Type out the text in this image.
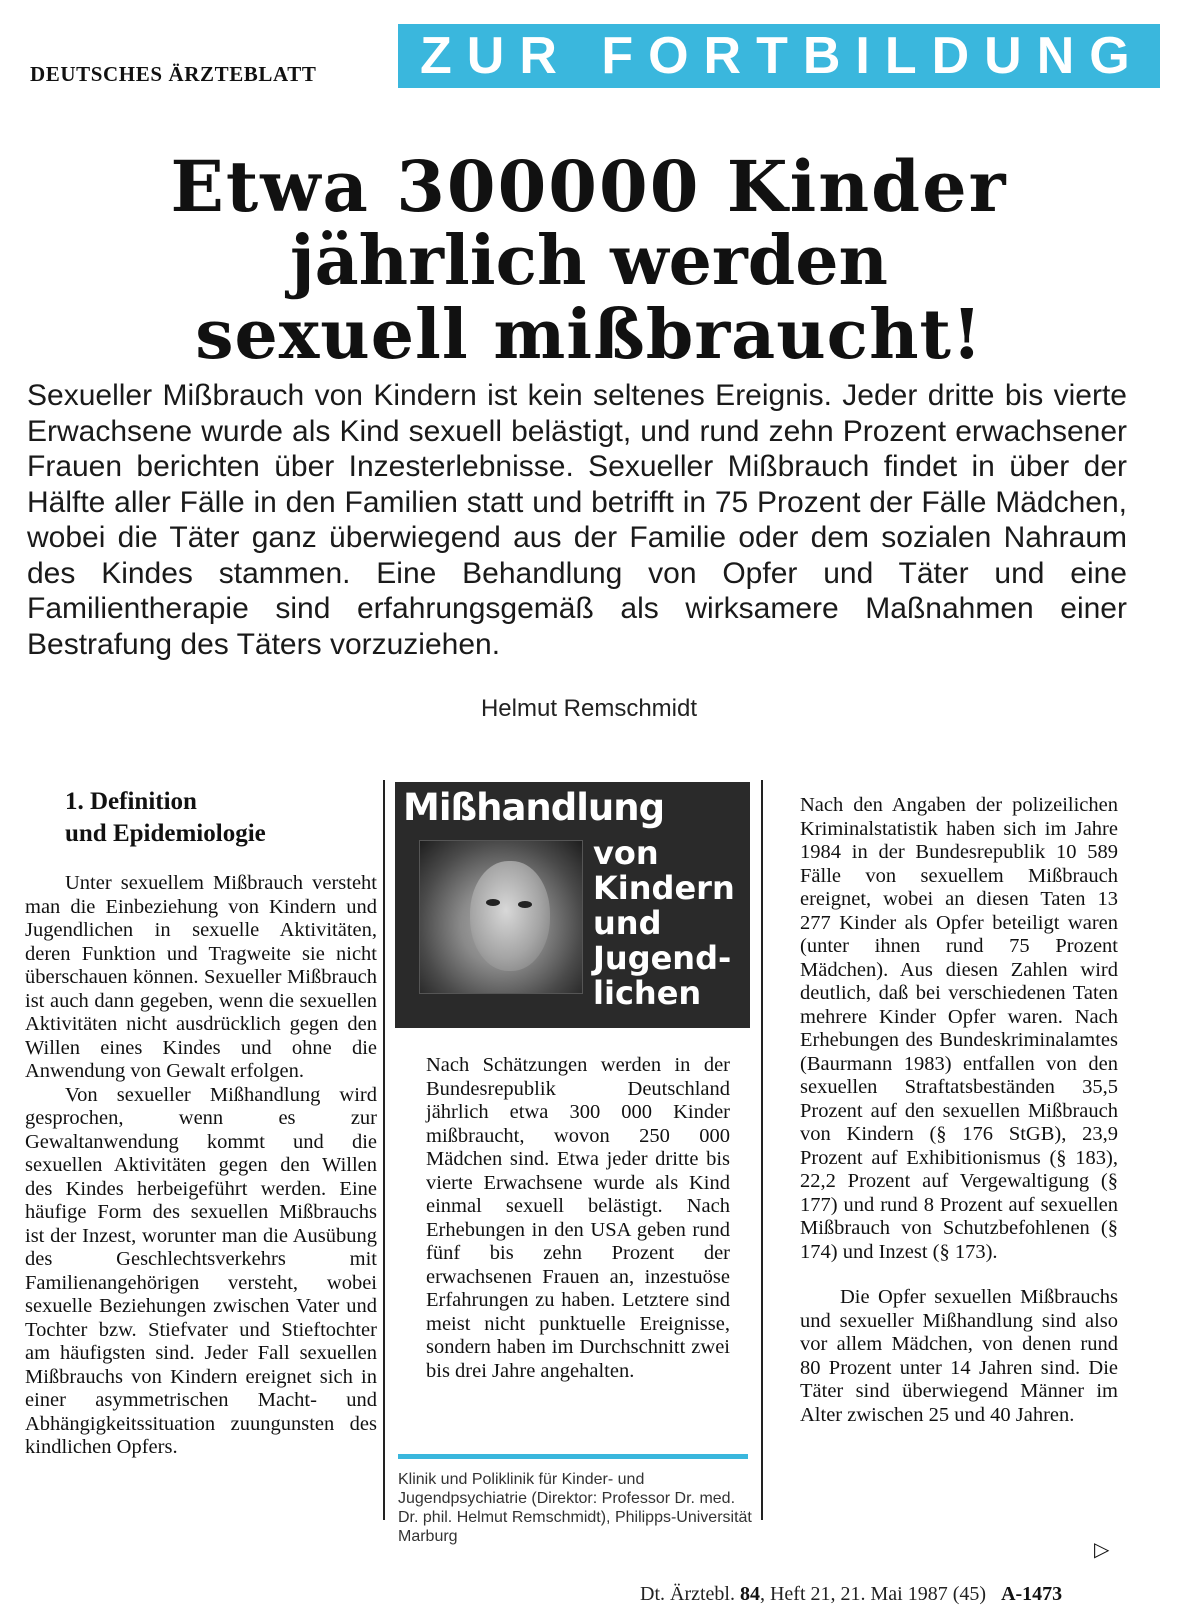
DEUTSCHES ÄRZTEBLATT	ZUR FORTBILDUNG
Etwa 300000 Kinder
jährlich werden
sexuell mißbraucht!

Sexueller Mißbrauch von Kindern ist kein seltenes Ereignis. Jeder dritte bis vierte Erwachsene wurde als Kind sexuell belästigt, und rund zehn Prozent erwachsener Frauen berichten über Inzesterlebnisse. Sexueller Mißbrauch findet in über der Hälfte aller Fälle in den Familien statt und betrifft in 75 Prozent der Fälle Mädchen, wobei die Täter ganz überwiegend aus der Familie oder dem sozialen Nahraum des Kindes stammen. Eine Behandlung von Opfer und Täter und eine Familientherapie sind erfahrungsgemäß als wirksamere Maßnahmen einer Bestrafung des Täters vorzuziehen.

Helmut Remschmidt
1. Definition
und Epidemiologie

Unter sexuellem Mißbrauch versteht man die Einbeziehung von Kindern und Jugendlichen in sexuelle Aktivitäten, deren Funktion und Tragweite sie nicht überschauen können. Sexueller Mißbrauch ist auch dann gegeben, wenn die sexuellen Aktivitäten nicht ausdrücklich gegen den Willen eines Kindes und ohne die Anwendung von Gewalt erfolgen.

Von sexueller Mißhandlung wird gesprochen, wenn es zur Gewaltanwendung kommt und die sexuellen Aktivitäten gegen den Willen des Kindes herbeigeführt werden. Eine häufige Form des sexuellen Mißbrauchs ist der Inzest, worunter man die Ausübung des Geschlechtsverkehrs mit Familienangehörigen versteht, wobei sexuelle Beziehungen zwischen Vater und Tochter bzw. Stiefvater und Stieftochter am häufigsten sind. Jeder Fall sexuellen Mißbrauchs von Kindern ereignet sich in einer asymmetrischen Macht- und Abhängigkeitssituation zuungunsten des kindlichen Opfers.

Mißhandlung
von
Kindern
und
Jugend-
lichen

Nach Schätzungen werden in der Bundesrepublik Deutschland jährlich etwa 300 000 Kinder mißbraucht, wovon 250 000 Mädchen sind. Etwa jeder dritte bis vierte Erwachsene wurde als Kind einmal sexuell belästigt. Nach Erhebungen in den USA geben rund fünf bis zehn Prozent der erwachsenen Frauen an, inzestuöse Erfahrungen zu haben. Letztere sind meist nicht punktuelle Ereignisse, sondern haben im Durchschnitt zwei bis drei Jahre angehalten.

Klinik und Poliklinik für Kinder- und Jugendpsychiatrie (Direktor: Professor Dr. med. Dr. phil. Helmut Remschmidt), Philipps-Universität Marburg

Nach den Angaben der polizeilichen Kriminalstatistik haben sich im Jahre 1984 in der Bundesrepublik 10 589 Fälle von sexuellem Mißbrauch ereignet, wobei an diesen Taten 13 277 Kinder als Opfer beteiligt waren (unter ihnen rund 75 Prozent Mädchen). Aus diesen Zahlen wird deutlich, daß bei verschiedenen Taten mehrere Kinder Opfer waren. Nach Erhebungen des Bundeskriminalamtes (Baurmann 1983) entfallen von den sexuellen Straftatsbeständen 35,5 Prozent auf den sexuellen Mißbrauch von Kindern (§ 176 StGB), 23,9 Prozent auf Exhibitionismus (§ 183), 22,2 Prozent auf Vergewaltigung (§ 177) und rund 8 Prozent auf sexuellen Mißbrauch von Schutzbefohlenen (§ 174) und Inzest (§ 173).

Die Opfer sexuellen Mißbrauchs und sexueller Mißhandlung sind also vor allem Mädchen, von denen rund 80 Prozent unter 14 Jahren sind. Die Täter sind überwiegend Männer im Alter zwischen 25 und 40 Jahren.

▷
Dt. Ärztebl. 84, Heft 21, 21. Mai 1987 (45) A-1473
